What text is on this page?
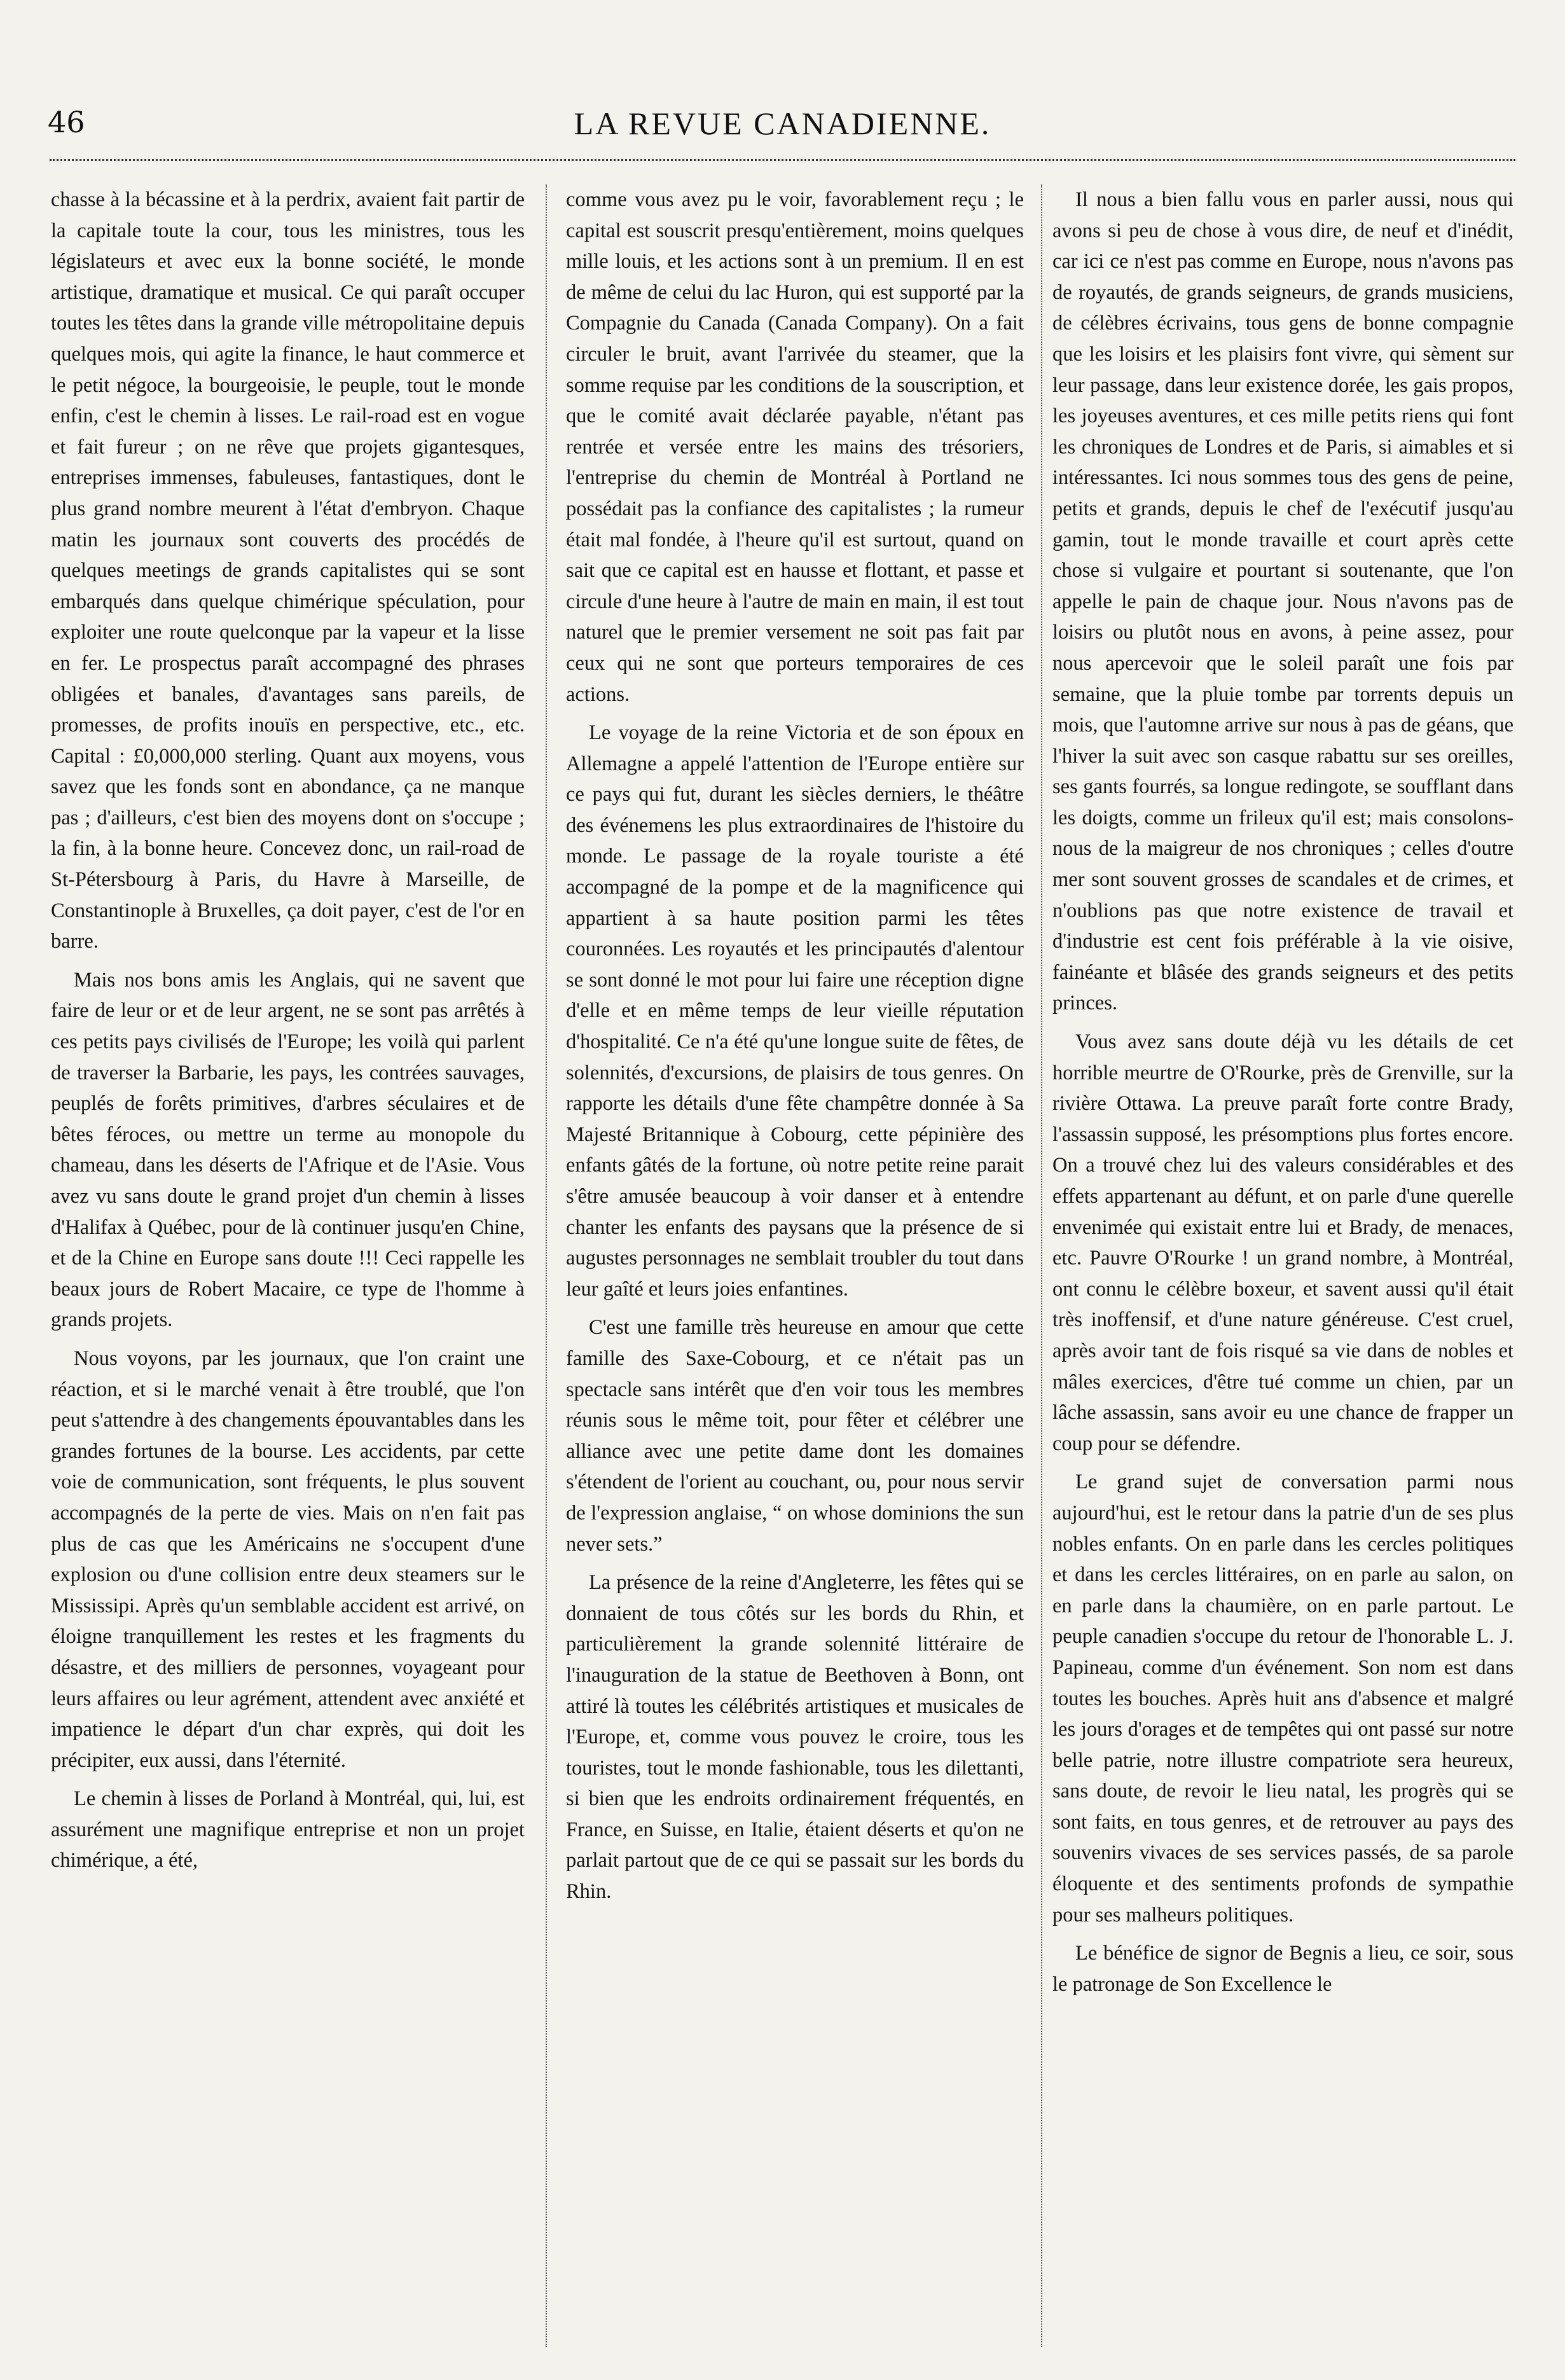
46	LA REVUE CANADIENNE.

chasse à la bécassine et à la perdrix, avaient fait partir de la capitale toute la cour, tous les ministres, tous les législateurs et avec eux la bonne société, le monde artistique, dramatique et musical. Ce qui paraît occuper toutes les têtes dans la grande ville métropolitaine depuis quelques mois, qui agite la finance, le haut commerce et le petit négoce, la bourgeoisie, le peuple, tout le monde enfin, c'est le chemin à lisses. Le rail-road est en vogue et fait fureur ; on ne rêve que projets gigantesques, entreprises immenses, fabuleuses, fantastiques, dont le plus grand nombre meurent à l'état d'embryon. Chaque matin les journaux sont couverts des procédés de quelques meetings de grands capitalistes qui se sont embarqués dans quelque chimérique spéculation, pour exploiter une route quelconque par la vapeur et la lisse en fer. Le prospectus paraît accompagné des phrases obligées et banales, d'avantages sans pareils, de promesses, de profits inouïs en perspective, etc., etc. Capital : £0,000,000 sterling. Quant aux moyens, vous savez que les fonds sont en abondance, ça ne manque pas ; d'ailleurs, c'est bien des moyens dont on s'occupe ; la fin, à la bonne heure. Concevez donc, un rail-road de St-Pétersbourg à Paris, du Havre à Marseille, de Constantinople à Bruxelles, ça doit payer, c'est de l'or en barre.

Mais nos bons amis les Anglais, qui ne savent que faire de leur or et de leur argent, ne se sont pas arrêtés à ces petits pays civilisés de l'Europe; les voilà qui parlent de traverser la Barbarie, les pays, les contrées sauvages, peuplés de forêts primitives, d'arbres séculaires et de bêtes féroces, ou mettre un terme au monopole du chameau, dans les déserts de l'Afrique et de l'Asie. Vous avez vu sans doute le grand projet d'un chemin à lisses d'Halifax à Québec, pour de là continuer jusqu'en Chine, et de la Chine en Europe sans doute !!! Ceci rappelle les beaux jours de Robert Macaire, ce type de l'homme à grands projets.

Nous voyons, par les journaux, que l'on craint une réaction, et si le marché venait à être troublé, que l'on peut s'attendre à des changements épouvantables dans les grandes fortunes de la bourse. Les accidents, par cette voie de communication, sont fréquents, le plus souvent accompagnés de la perte de vies. Mais on n'en fait pas plus de cas que les Américains ne s'occupent d'une explosion ou d'une collision entre deux steamers sur le Mississipi. Après qu'un semblable accident est arrivé, on éloigne tranquillement les restes et les fragments du désastre, et des milliers de personnes, voyageant pour leurs affaires ou leur agrément, attendent avec anxiété et impatience le départ d'un char exprès, qui doit les précipiter, eux aussi, dans l'éternité.

Le chemin à lisses de Porland à Montréal, qui, lui, est assurément une magnifique entreprise et non un projet chimérique, a été,

comme vous avez pu le voir, favorablement reçu ; le capital est souscrit presqu'entièrement, moins quelques mille louis, et les actions sont à un premium. Il en est de même de celui du lac Huron, qui est supporté par la Compagnie du Canada (Canada Company). On a fait circuler le bruit, avant l'arrivée du steamer, que la somme requise par les conditions de la souscription, et que le comité avait déclarée payable, n'étant pas rentrée et versée entre les mains des trésoriers, l'entreprise du chemin de Montréal à Portland ne possédait pas la confiance des capitalistes ; la rumeur était mal fondée, à l'heure qu'il est surtout, quand on sait que ce capital est en hausse et flottant, et passe et circule d'une heure à l'autre de main en main, il est tout naturel que le premier versement ne soit pas fait par ceux qui ne sont que porteurs temporaires de ces actions.

Le voyage de la reine Victoria et de son époux en Allemagne a appelé l'attention de l'Europe entière sur ce pays qui fut, durant les siècles derniers, le théâtre des événemens les plus extraordinaires de l'histoire du monde. Le passage de la royale touriste a été accompagné de la pompe et de la magnificence qui appartient à sa haute position parmi les têtes couronnées. Les royautés et les principautés d'alentour se sont donné le mot pour lui faire une réception digne d'elle et en même temps de leur vieille réputation d'hospitalité. Ce n'a été qu'une longue suite de fêtes, de solennités, d'excursions, de plaisirs de tous genres. On rapporte les détails d'une fête champêtre donnée à Sa Majesté Britannique à Cobourg, cette pépinière des enfants gâtés de la fortune, où notre petite reine parait s'être amusée beaucoup à voir danser et à entendre chanter les enfants des paysans que la présence de si augustes personnages ne semblait troubler du tout dans leur gaîté et leurs joies enfantines.

C'est une famille très heureuse en amour que cette famille des Saxe-Cobourg, et ce n'était pas un spectacle sans intérêt que d'en voir tous les membres réunis sous le même toit, pour fêter et célébrer une alliance avec une petite dame dont les domaines s'étendent de l'orient au couchant, ou, pour nous servir de l'expression anglaise, “ on whose dominions the sun never sets.”

La présence de la reine d'Angleterre, les fêtes qui se donnaient de tous côtés sur les bords du Rhin, et particulièrement la grande solennité littéraire de l'inauguration de la statue de Beethoven à Bonn, ont attiré là toutes les célébrités artistiques et musicales de l'Europe, et, comme vous pouvez le croire, tous les touristes, tout le monde fashionable, tous les dilettanti, si bien que les endroits ordinairement fréquentés, en France, en Suisse, en Italie, étaient déserts et qu'on ne parlait partout que de ce qui se passait sur les bords du Rhin.

Il nous a bien fallu vous en parler aussi, nous qui avons si peu de chose à vous dire, de neuf et d'inédit, car ici ce n'est pas comme en Europe, nous n'avons pas de royautés, de grands seigneurs, de grands musiciens, de célèbres écrivains, tous gens de bonne compagnie que les loisirs et les plaisirs font vivre, qui sèment sur leur passage, dans leur existence dorée, les gais propos, les joyeuses aventures, et ces mille petits riens qui font les chroniques de Londres et de Paris, si aimables et si intéressantes. Ici nous sommes tous des gens de peine, petits et grands, depuis le chef de l'exécutif jusqu'au gamin, tout le monde travaille et court après cette chose si vulgaire et pourtant si soutenante, que l'on appelle le pain de chaque jour. Nous n'avons pas de loisirs ou plutôt nous en avons, à peine assez, pour nous apercevoir que le soleil paraît une fois par semaine, que la pluie tombe par torrents depuis un mois, que l'automne arrive sur nous à pas de géans, que l'hiver la suit avec son casque rabattu sur ses oreilles, ses gants fourrés, sa longue redingote, se soufflant dans les doigts, comme un frileux qu'il est; mais consolons-nous de la maigreur de nos chroniques ; celles d'outre mer sont souvent grosses de scandales et de crimes, et n'oublions pas que notre existence de travail et d'industrie est cent fois préférable à la vie oisive, fainéante et blâsée des grands seigneurs et des petits princes.

Vous avez sans doute déjà vu les détails de cet horrible meurtre de O'Rourke, près de Grenville, sur la rivière Ottawa. La preuve paraît forte contre Brady, l'assassin supposé, les présomptions plus fortes encore. On a trouvé chez lui des valeurs considérables et des effets appartenant au défunt, et on parle d'une querelle envenimée qui existait entre lui et Brady, de menaces, etc. Pauvre O'Rourke ! un grand nombre, à Montréal, ont connu le célèbre boxeur, et savent aussi qu'il était très inoffensif, et d'une nature généreuse. C'est cruel, après avoir tant de fois risqué sa vie dans de nobles et mâles exercices, d'être tué comme un chien, par un lâche assassin, sans avoir eu une chance de frapper un coup pour se défendre.

Le grand sujet de conversation parmi nous aujourd'hui, est le retour dans la patrie d'un de ses plus nobles enfants. On en parle dans les cercles politiques et dans les cercles littéraires, on en parle au salon, on en parle dans la chaumière, on en parle partout. Le peuple canadien s'occupe du retour de l'honorable L. J. Papineau, comme d'un événement. Son nom est dans toutes les bouches. Après huit ans d'absence et malgré les jours d'orages et de tempêtes qui ont passé sur notre belle patrie, notre illustre compatriote sera heureux, sans doute, de revoir le lieu natal, les progrès qui se sont faits, en tous genres, et de retrouver au pays des souvenirs vivaces de ses services passés, de sa parole éloquente et des sentiments profonds de sympathie pour ses malheurs politiques.

Le bénéfice de signor de Begnis a lieu, ce soir, sous le patronage de Son Excellence le
